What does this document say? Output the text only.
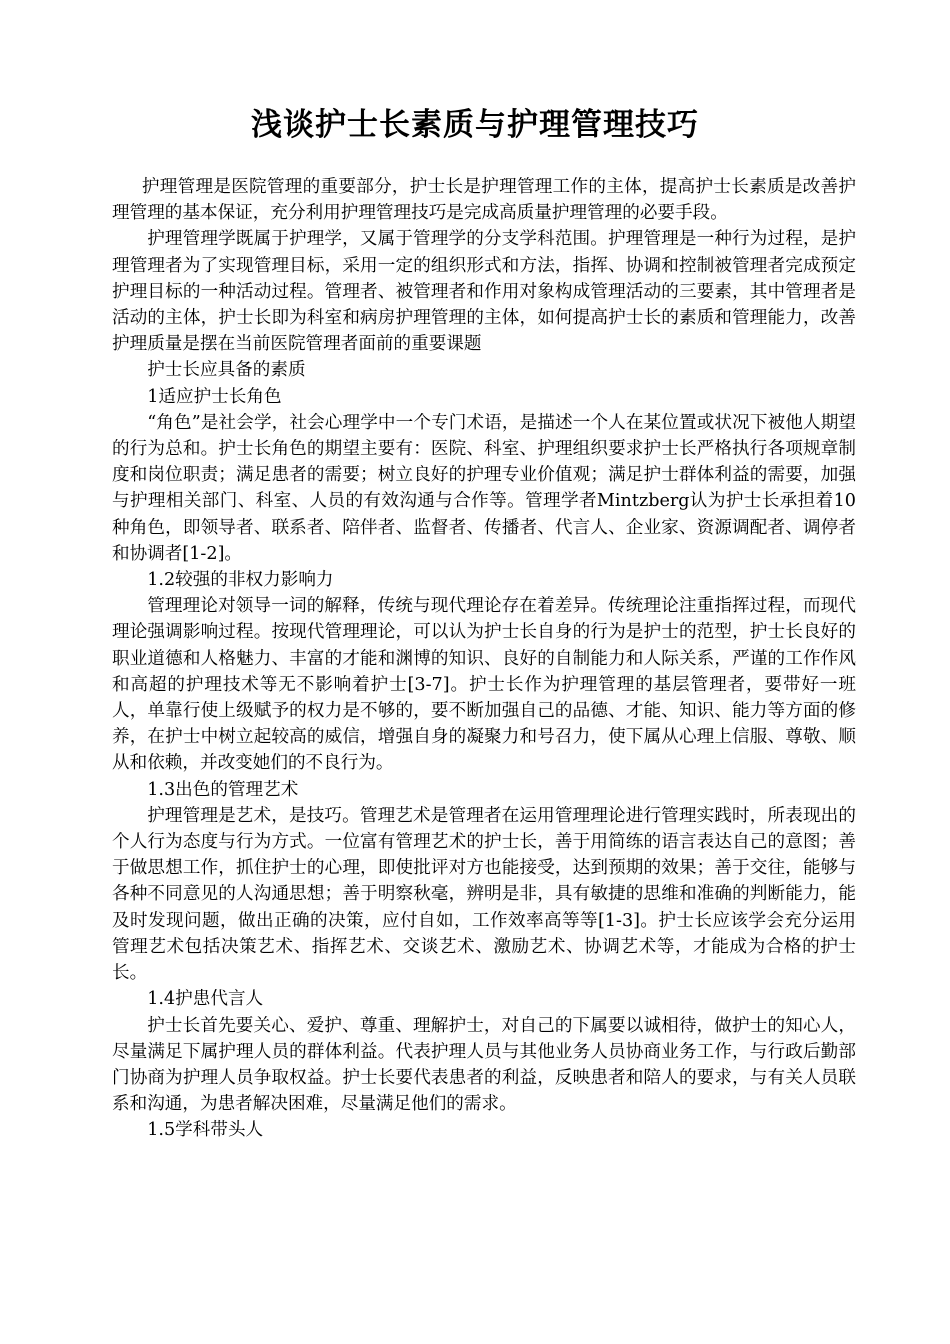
浅谈护士长素质与护理管理技巧

护理管理是医院管理的重要部分，护士长是护理管理工作的主体，提高护士长素质是改善护理管理的基本保证，充分利用护理管理技巧是完成高质量护理管理的必要手段。

护理管理学既属于护理学，又属于管理学的分支学科范围。护理管理是一种行为过程，是护理管理者为了实现管理目标，采用一定的组织形式和方法，指挥、协调和控制被管理者完成预定护理目标的一种活动过程。管理者、被管理者和作用对象构成管理活动的三要素，其中管理者是活动的主体，护士长即为科室和病房护理管理的主体，如何提高护士长的素质和管理能力，改善护理质量是摆在当前医院管理者面前的重要课题

护士长应具备的素质

1适应护士长角色

“角色”是社会学，社会心理学中一个专门术语，是描述一个人在某位置或状况下被他人期望的行为总和。护士长角色的期望主要有：医院、科室、护理组织要求护士长严格执行各项规章制度和岗位职责；满足患者的需要；树立良好的护理专业价值观；满足护士群体利益的需要，加强与护理相关部门、科室、人员的有效沟通与合作等。管理学者Mintzberg认为护士长承担着10种角色，即领导者、联系者、陪伴者、监督者、传播者、代言人、企业家、资源调配者、调停者和协调者[1-2]。

1.2较强的非权力影响力

管理理论对领导一词的解释，传统与现代理论存在着差异。传统理论注重指挥过程，而现代理论强调影响过程。按现代管理理论，可以认为护士长自身的行为是护士的范型，护士长良好的职业道德和人格魅力、丰富的才能和渊博的知识、良好的自制能力和人际关系，严谨的工作作风和高超的护理技术等无不影响着护士[3-7]。护士长作为护理管理的基层管理者，要带好一班人，单靠行使上级赋予的权力是不够的，要不断加强自己的品德、才能、知识、能力等方面的修养，在护士中树立起较高的威信，增强自身的凝聚力和号召力，使下属从心理上信服、尊敬、顺从和依赖，并改变她们的不良行为。

1.3出色的管理艺术

护理管理是艺术，是技巧。管理艺术是管理者在运用管理理论进行管理实践时，所表现出的个人行为态度与行为方式。一位富有管理艺术的护士长，善于用简练的语言表达自己的意图；善于做思想工作，抓住护士的心理，即使批评对方也能接受，达到预期的效果；善于交往，能够与各种不同意见的人沟通思想；善于明察秋毫，辨明是非，具有敏捷的思维和准确的判断能力，能及时发现问题，做出正确的决策，应付自如，工作效率高等等[1-3]。护士长应该学会充分运用管理艺术包括决策艺术、指挥艺术、交谈艺术、激励艺术、协调艺术等，才能成为合格的护士长。

1.4护患代言人

护士长首先要关心、爱护、尊重、理解护士，对自己的下属要以诚相待，做护士的知心人，尽量满足下属护理人员的群体利益。代表护理人员与其他业务人员协商业务工作，与行政后勤部门协商为护理人员争取权益。护士长要代表患者的利益，反映患者和陪人的要求，与有关人员联系和沟通，为患者解决困难，尽量满足他们的需求。

1.5学科带头人
